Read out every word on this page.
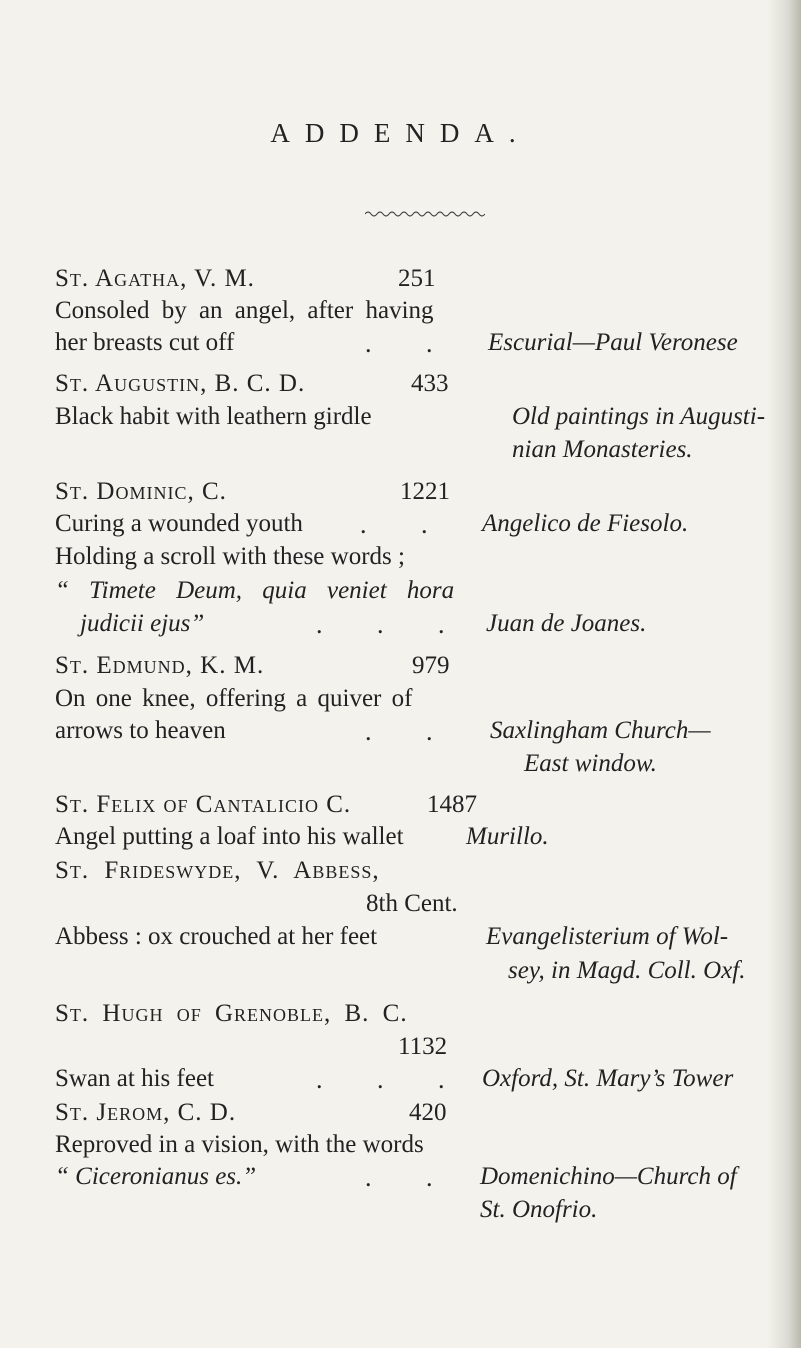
ADDENDA.
St. Agatha, V. M.	251
Consoled by an angel, after having
her breasts cut off	. . Escurial—Paul Veronese
St. Augustin, B. C. D.	433
Black habit with leathern girdle	Old paintings in Augusti-
nian Monasteries.
St. Dominic, C.	1221
Curing a wounded youth . . Angelico de Fiesolo.
Holding a scroll with these words ;
“ Timete Deum, quia veniet hora
judicii ejus”	. . . Juan de Joanes.
St. Edmund, K. M.	979
On one knee, offering a quiver of
arrows to heaven	. . Saxlingham Church—
East window.
St. Felix of Cantalicio C.	1487
Angel putting a loaf into his wallet Murillo.
St. Frideswyde, V. Abbess,
8th Cent.
Abbess : ox crouched at her feet	Evangelisterium of Wol-
sey, in Magd. Coll. Oxf.
St. Hugh of Grenoble, B. C.
1132
Swan at his feet	. . . Oxford, St. Mary’s Tower
St. Jerom, C. D.	420
Reproved in a vision, with the words
“ Ciceronianus es.”	. . Domenichino—Church of
St. Onofrio.
